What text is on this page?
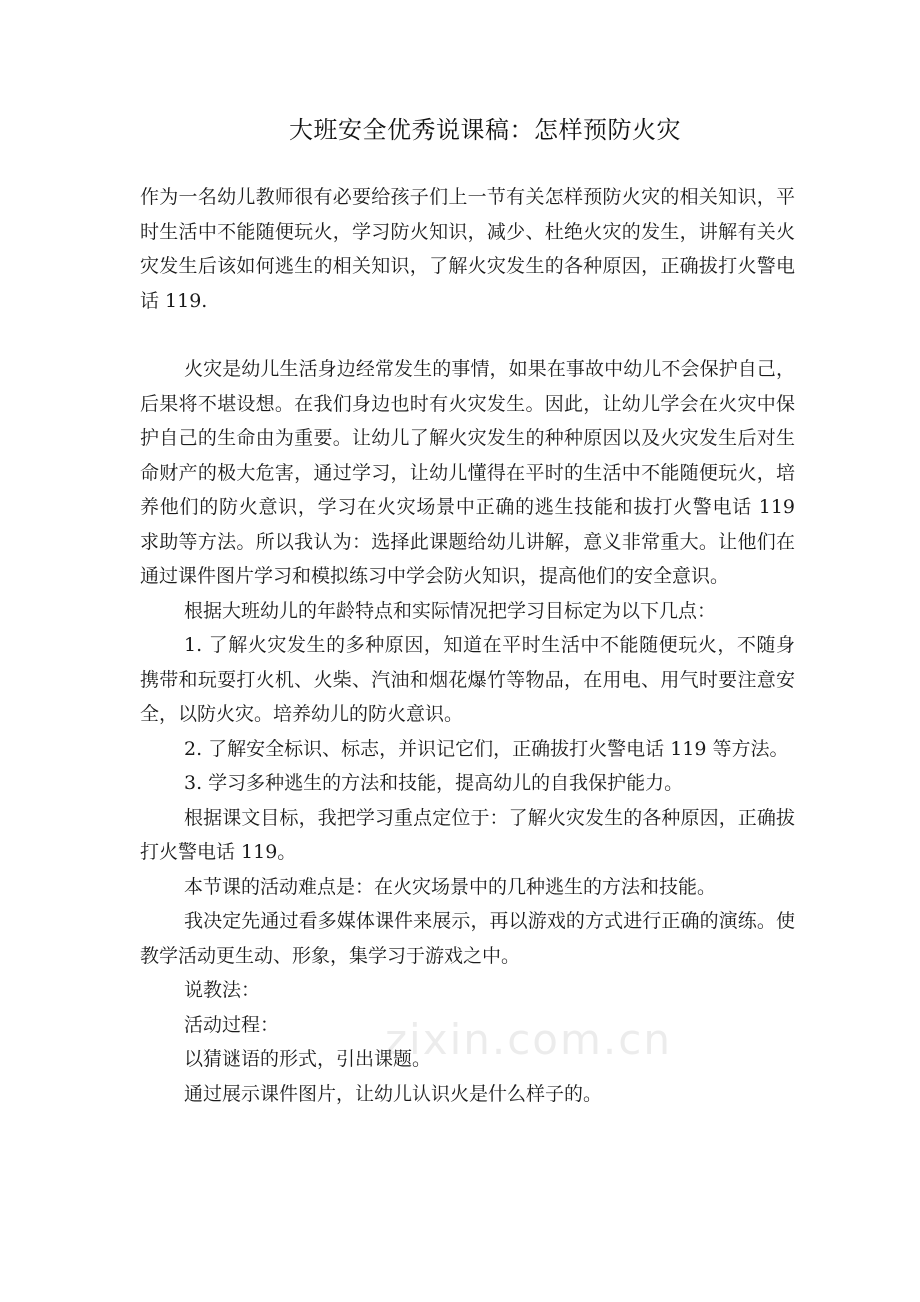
大班安全优秀说课稿：怎样预防火灾

作为一名幼儿教师很有必要给孩子们上一节有关怎样预防火灾的相关知识，平时生活中不能随便玩火，学习防火知识，减少、杜绝火灾的发生，讲解有关火灾发生后该如何逃生的相关知识，了解火灾发生的各种原因，正确拔打火警电话 119.

火灾是幼儿生活身边经常发生的事情，如果在事故中幼儿不会保护自己，后果将不堪设想。在我们身边也时有火灾发生。因此，让幼儿学会在火灾中保护自己的生命由为重要。让幼儿了解火灾发生的种种原因以及火灾发生后对生命财产的极大危害，通过学习，让幼儿懂得在平时的生活中不能随便玩火，培养他们的防火意识，学习在火灾场景中正确的逃生技能和拔打火警电话 119 求助等方法。所以我认为：选择此课题给幼儿讲解，意义非常重大。让他们在通过课件图片学习和模拟练习中学会防火知识，提高他们的安全意识。

根据大班幼儿的年龄特点和实际情况把学习目标定为以下几点：

1. 了解火灾发生的多种原因，知道在平时生活中不能随便玩火，不随身携带和玩耍打火机、火柴、汽油和烟花爆竹等物品，在用电、用气时要注意安全，以防火灾。培养幼儿的防火意识。

2. 了解安全标识、标志，并识记它们，正确拔打火警电话 119 等方法。

3. 学习多种逃生的方法和技能，提高幼儿的自我保护能力。

根据课文目标，我把学习重点定位于：了解火灾发生的各种原因，正确拔打火警电话 119。

本节课的活动难点是：在火灾场景中的几种逃生的方法和技能。

我决定先通过看多媒体课件来展示，再以游戏的方式进行正确的演练。使教学活动更生动、形象，集学习于游戏之中。

说教法：

活动过程：

以猜谜语的形式，引出课题。

通过展示课件图片，让幼儿认识火是什么样子的。

zixin.com.cn
